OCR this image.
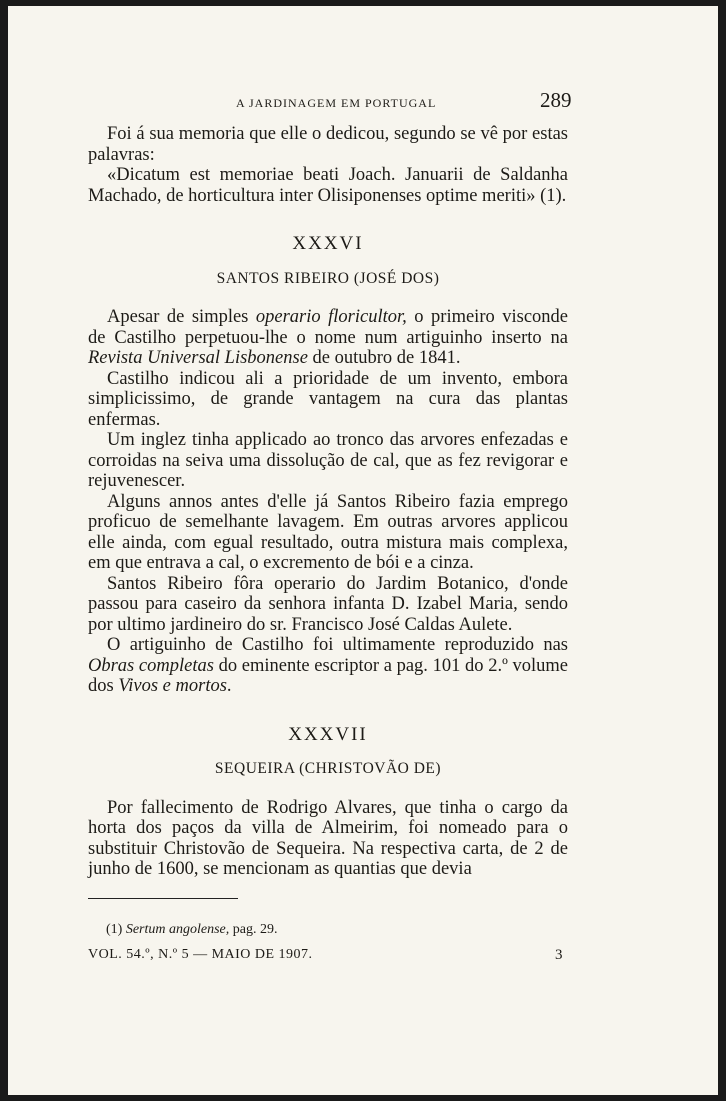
A JARDINAGEM EM PORTUGAL	289

Foi á sua memoria que elle o dedicou, segundo se vê por estas palavras:

«Dicatum est memoriae beati Joach. Januarii de Saldanha Machado, de horticultura inter Olisiponenses optime meriti» (1).

XXXVI
SANTOS RIBEIRO (JOSÉ DOS)

Apesar de simples operario floricultor, o primeiro visconde de Castilho perpetuou-lhe o nome num artiguinho inserto na Revista Universal Lisbonense de outubro de 1841.

Castilho indicou ali a prioridade de um invento, embora simplicissimo, de grande vantagem na cura das plantas enfermas.

Um inglez tinha applicado ao tronco das arvores enfezadas e corroidas na seiva uma dissolução de cal, que as fez revigorar e rejuvenescer.

Alguns annos antes d'elle já Santos Ribeiro fazia emprego proficuo de semelhante lavagem. Em outras arvores applicou elle ainda, com egual resultado, outra mistura mais complexa, em que entrava a cal, o excremento de bói e a cinza.

Santos Ribeiro fôra operario do Jardim Botanico, d'onde passou para caseiro da senhora infanta D. Izabel Maria, sendo por ultimo jardineiro do sr. Francisco José Caldas Aulete.

O artiguinho de Castilho foi ultimamente reproduzido nas Obras completas do eminente escriptor a pag. 101 do 2.º volume dos Vivos e mortos.

XXXVII
SEQUEIRA (CHRISTOVÃO DE)

Por fallecimento de Rodrigo Alvares, que tinha o cargo da horta dos paços da villa de Almeirim, foi nomeado para o substituir Christovão de Sequeira. Na respectiva carta, de 2 de junho de 1600, se mencionam as quantias que devia

(1) Sertum angolense, pag. 29.
VOL. 54.º, N.º 5 — MAIO DE 1907.	3
